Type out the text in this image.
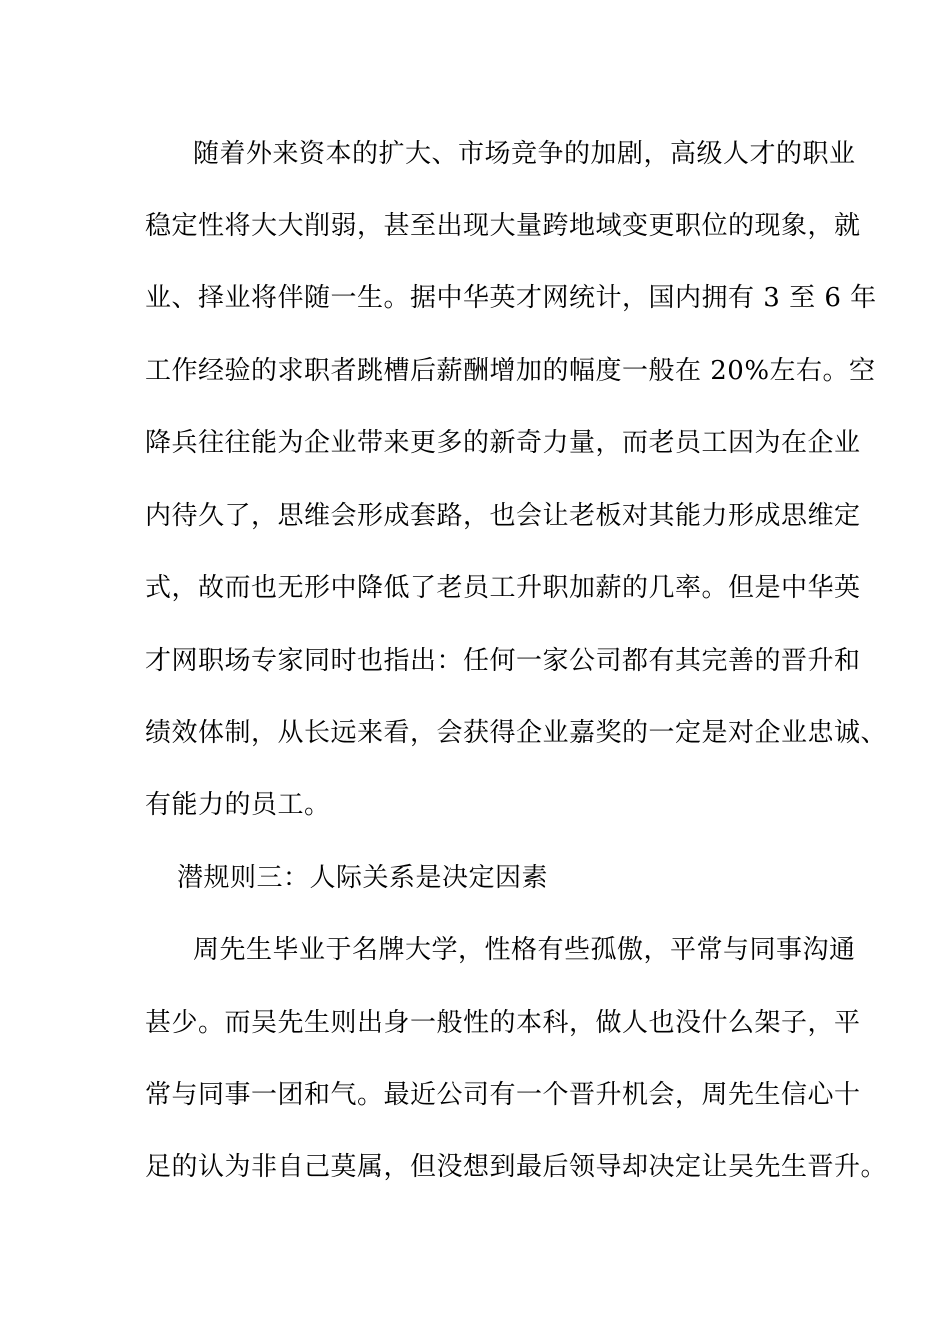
随着外来资本的扩大、市场竞争的加剧，高级人才的职业
稳定性将大大削弱，甚至出现大量跨地域变更职位的现象，就
业、择业将伴随一生。据中华英才网统计，国内拥有 3 至 6 年
工作经验的求职者跳槽后薪酬增加的幅度一般在 20%左右。空
降兵往往能为企业带来更多的新奇力量，而老员工因为在企业
内待久了，思维会形成套路，也会让老板对其能力形成思维定
式，故而也无形中降低了老员工升职加薪的几率。但是中华英
才网职场专家同时也指出：任何一家公司都有其完善的晋升和
绩效体制，从长远来看，会获得企业嘉奖的一定是对企业忠诚、
有能力的员工。
潜规则三：人际关系是决定因素
周先生毕业于名牌大学，性格有些孤傲，平常与同事沟通
甚少。而吴先生则出身一般性的本科，做人也没什么架子，平
常与同事一团和气。最近公司有一个晋升机会，周先生信心十
足的认为非自己莫属，但没想到最后领导却决定让吴先生晋升。
